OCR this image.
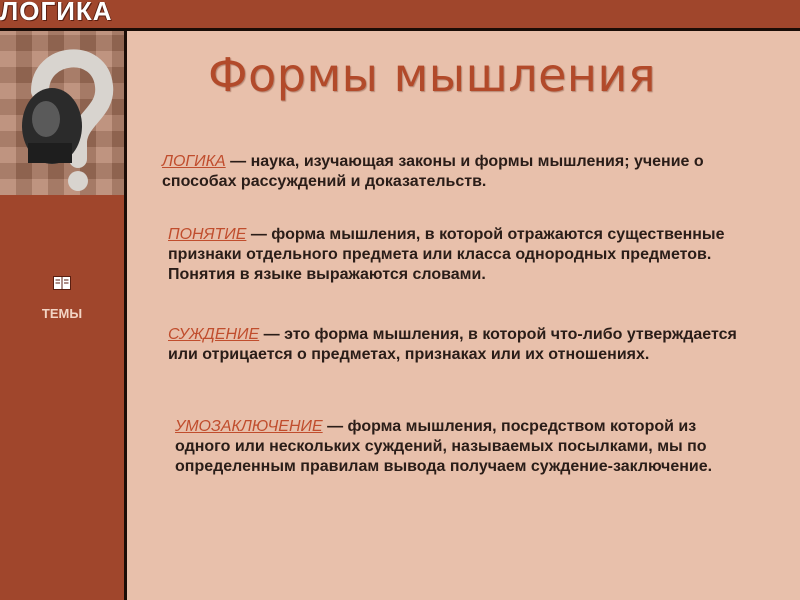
ЛОГИКА
ТЕМЫ
Формы мышления

ЛОГИКА — наука, изучающая законы и формы мышления; учение о способах рассуждений и доказательств.

ПОНЯТИЕ — форма мышления, в которой отражаются существенные признаки отдельного предмета или класса однородных предметов. Понятия в языке выражаются словами.

СУЖДЕНИЕ — это форма мышления, в которой что-либо утверждается или отрицается о предметах, признаках или их отношениях.

УМОЗАКЛЮЧЕНИЕ — форма мышления, посредством которой из одного или нескольких суждений, называемых посылками, мы по определенным правилам вывода получаем суждение-заключение.
